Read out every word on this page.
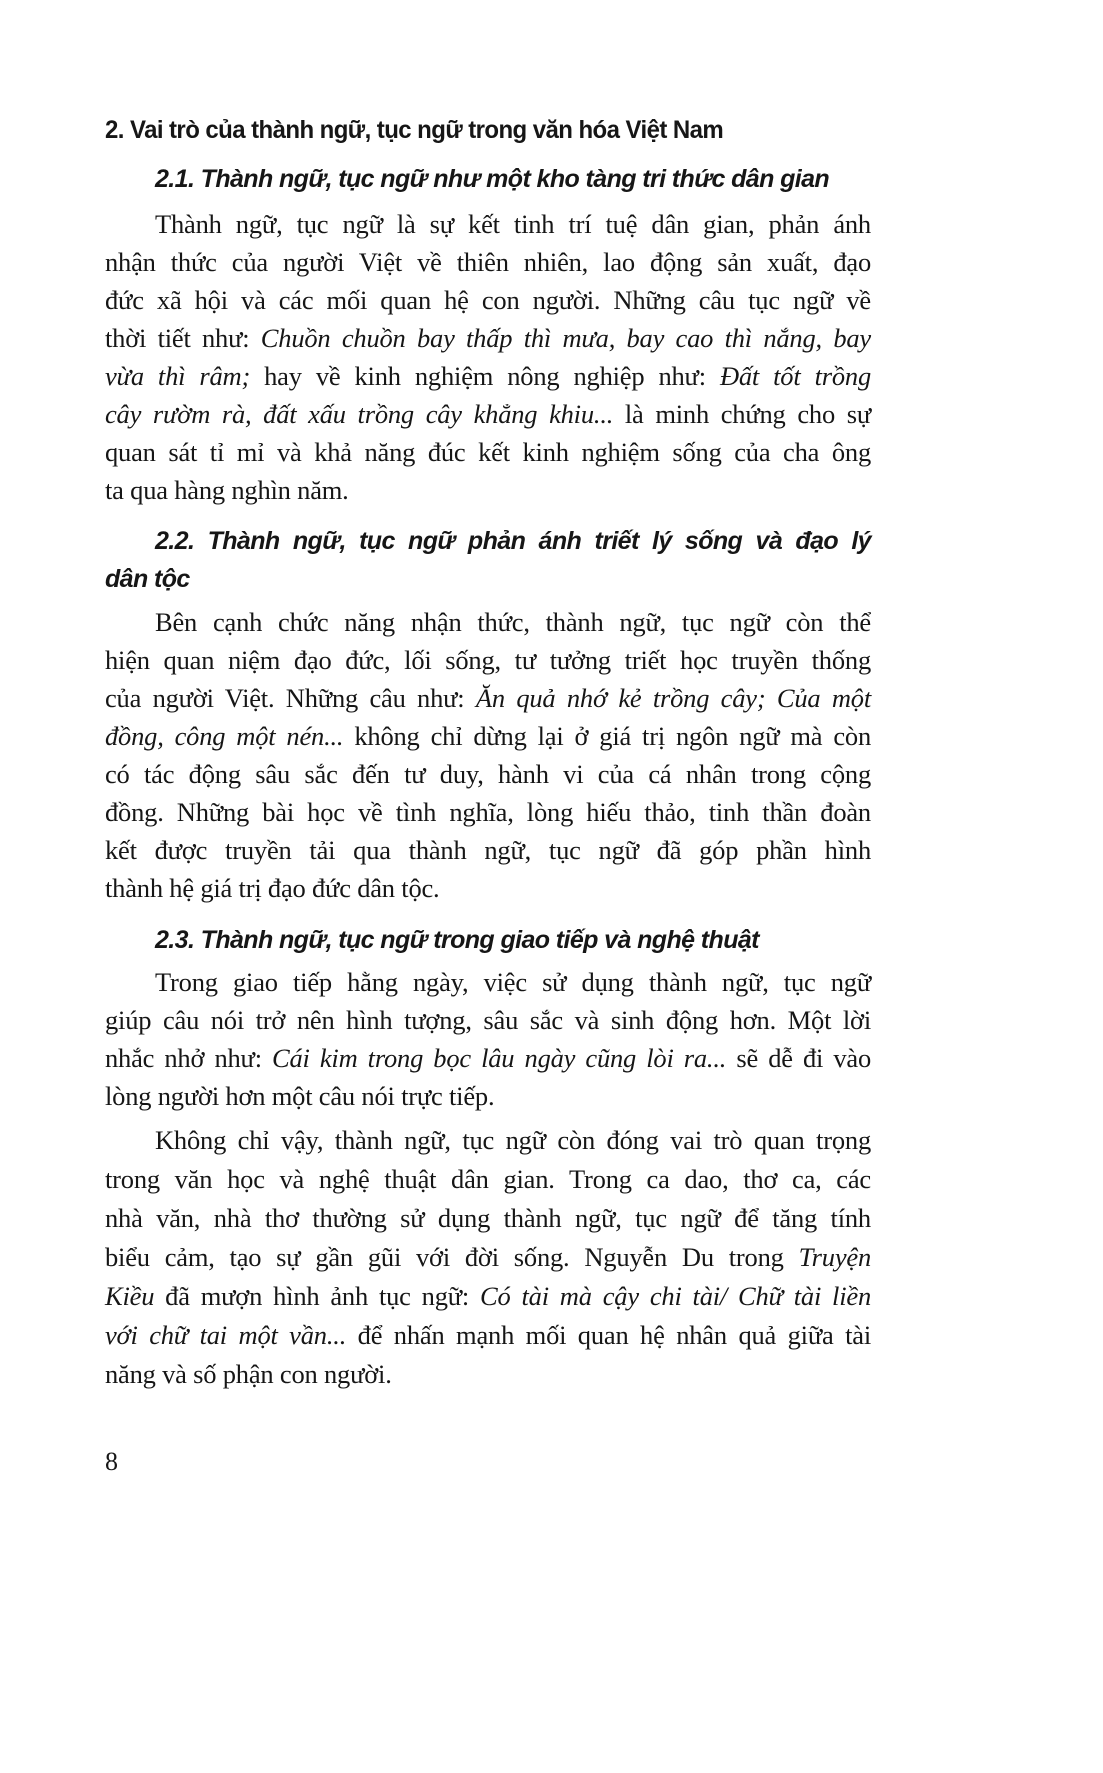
2. Vai trò của thành ngữ, tục ngữ trong văn hóa Việt Nam
2.1. Thành ngữ, tục ngữ như một kho tàng tri thức dân gian
Thành ngữ, tục ngữ là sự kết tinh trí tuệ dân gian, phản ánh
nhận thức của người Việt về thiên nhiên, lao động sản xuất, đạo
đức xã hội và các mối quan hệ con người. Những câu tục ngữ về
thời tiết như: Chuồn chuồn bay thấp thì mưa, bay cao thì nắng, bay
vừa thì râm; hay về kinh nghiệm nông nghiệp như: Đất tốt trồng
cây rườm rà, đất xấu trồng cây khẳng khiu... là minh chứng cho sự
quan sát tỉ mỉ và khả năng đúc kết kinh nghiệm sống của cha ông
ta qua hàng nghìn năm.
2.2. Thành ngữ, tục ngữ phản ánh triết lý sống và đạo lý
dân tộc
Bên cạnh chức năng nhận thức, thành ngữ, tục ngữ còn thể
hiện quan niệm đạo đức, lối sống, tư tưởng triết học truyền thống
của người Việt. Những câu như: Ăn quả nhớ kẻ trồng cây; Của một
đồng, công một nén... không chỉ dừng lại ở giá trị ngôn ngữ mà còn
có tác động sâu sắc đến tư duy, hành vi của cá nhân trong cộng
đồng. Những bài học về tình nghĩa, lòng hiếu thảo, tinh thần đoàn
kết được truyền tải qua thành ngữ, tục ngữ đã góp phần hình
thành hệ giá trị đạo đức dân tộc.
2.3. Thành ngữ, tục ngữ trong giao tiếp và nghệ thuật
Trong giao tiếp hằng ngày, việc sử dụng thành ngữ, tục ngữ
giúp câu nói trở nên hình tượng, sâu sắc và sinh động hơn. Một lời
nhắc nhở như: Cái kim trong bọc lâu ngày cũng lòi ra... sẽ dễ đi vào
lòng người hơn một câu nói trực tiếp.
Không chỉ vậy, thành ngữ, tục ngữ còn đóng vai trò quan trọng
trong văn học và nghệ thuật dân gian. Trong ca dao, thơ ca, các
nhà văn, nhà thơ thường sử dụng thành ngữ, tục ngữ để tăng tính
biểu cảm, tạo sự gần gũi với đời sống. Nguyễn Du trong Truyện
Kiều đã mượn hình ảnh tục ngữ: Có tài mà cậy chi tài/ Chữ tài liền
với chữ tai một vần... để nhấn mạnh mối quan hệ nhân quả giữa tài
năng và số phận con người.
8
